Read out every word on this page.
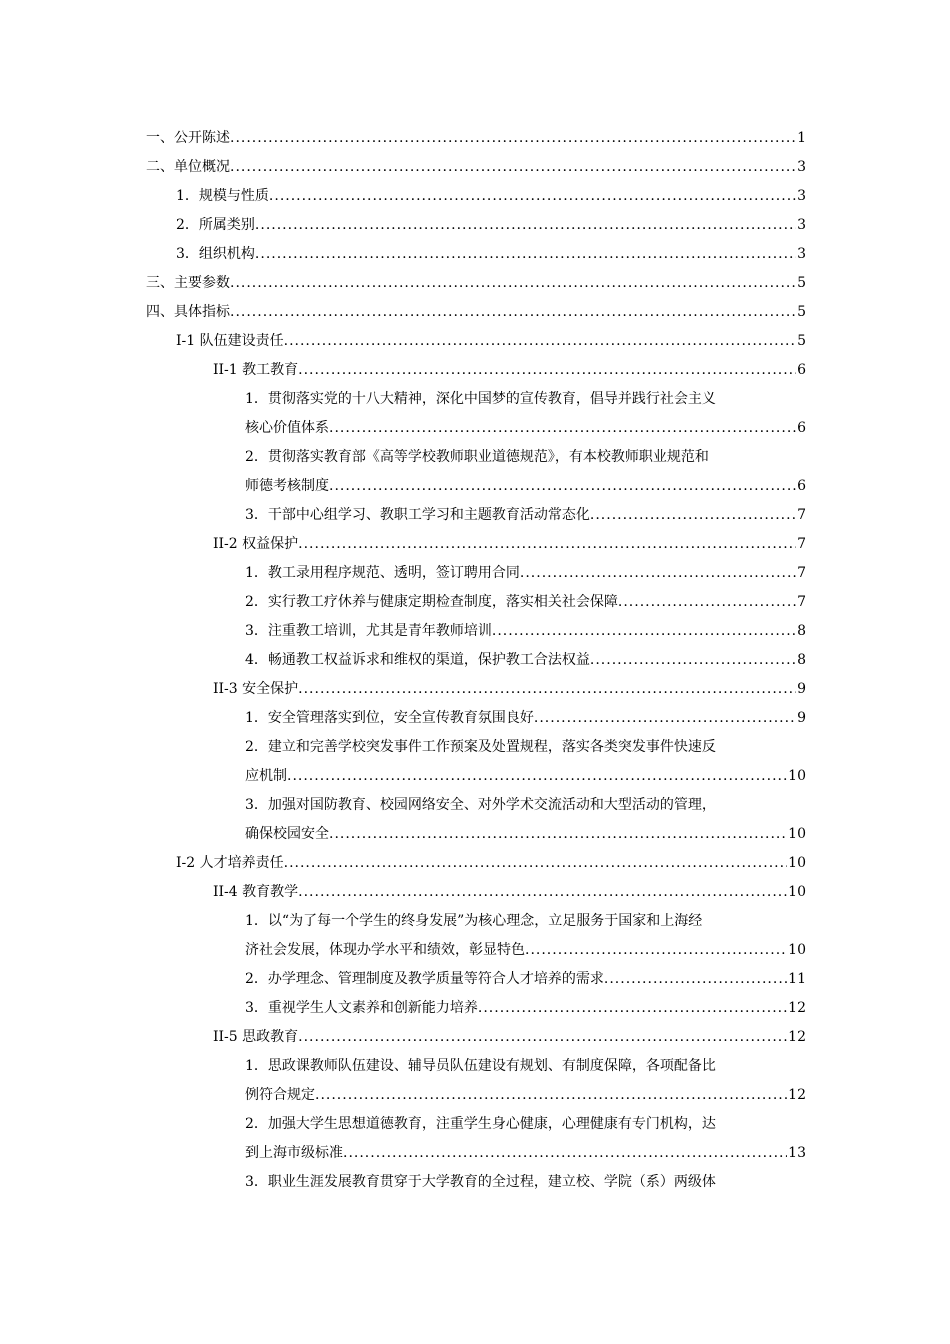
一、公开陈述 .....	1
二、单位概况 .....	3
1．规模与性质 .....	3
2．所属类别 .....	3
3．组织机构 .....	3
三、主要参数 .....	5
四、具体指标 .....	5
I-1 队伍建设责任 .....	5
II-1 教工教育 .....	6
1．贯彻落实党的十八大精神，深化中国梦的宣传教育，倡导并践行社会主义
核心价值体系 .....	6
2．贯彻落实教育部《高等学校教师职业道德规范》，有本校教师职业规范和
师德考核制度 .....	6
3．干部中心组学习、教职工学习和主题教育活动常态化 .....	7
II-2 权益保护 .....	7
1．教工录用程序规范、透明，签订聘用合同 .....	7
2．实行教工疗休养与健康定期检查制度，落实相关社会保障 .....	7
3．注重教工培训，尤其是青年教师培训 .....	8
4．畅通教工权益诉求和维权的渠道，保护教工合法权益 .....	8
II-3 安全保护 .....	9
1．安全管理落实到位，安全宣传教育氛围良好 .....	9
2．建立和完善学校突发事件工作预案及处置规程，落实各类突发事件快速反
应机制 .....	10
3．加强对国防教育、校园网络安全、对外学术交流活动和大型活动的管理，
确保校园安全 .....	10
I-2 人才培养责任 .....	10
II-4 教育教学 .....	10
1．以“为了每一个学生的终身发展”为核心理念，立足服务于国家和上海经
济社会发展，体现办学水平和绩效，彰显特色 .....	10
2．办学理念、管理制度及教学质量等符合人才培养的需求 .....	11
3．重视学生人文素养和创新能力培养 .....	12
II-5 思政教育 .....	12
1．思政课教师队伍建设、辅导员队伍建设有规划、有制度保障，各项配备比
例符合规定 .....	12
2．加强大学生思想道德教育，注重学生身心健康，心理健康有专门机构，达
到上海市级标准 .....	13
3．职业生涯发展教育贯穿于大学教育的全过程，建立校、学院（系）两级体
